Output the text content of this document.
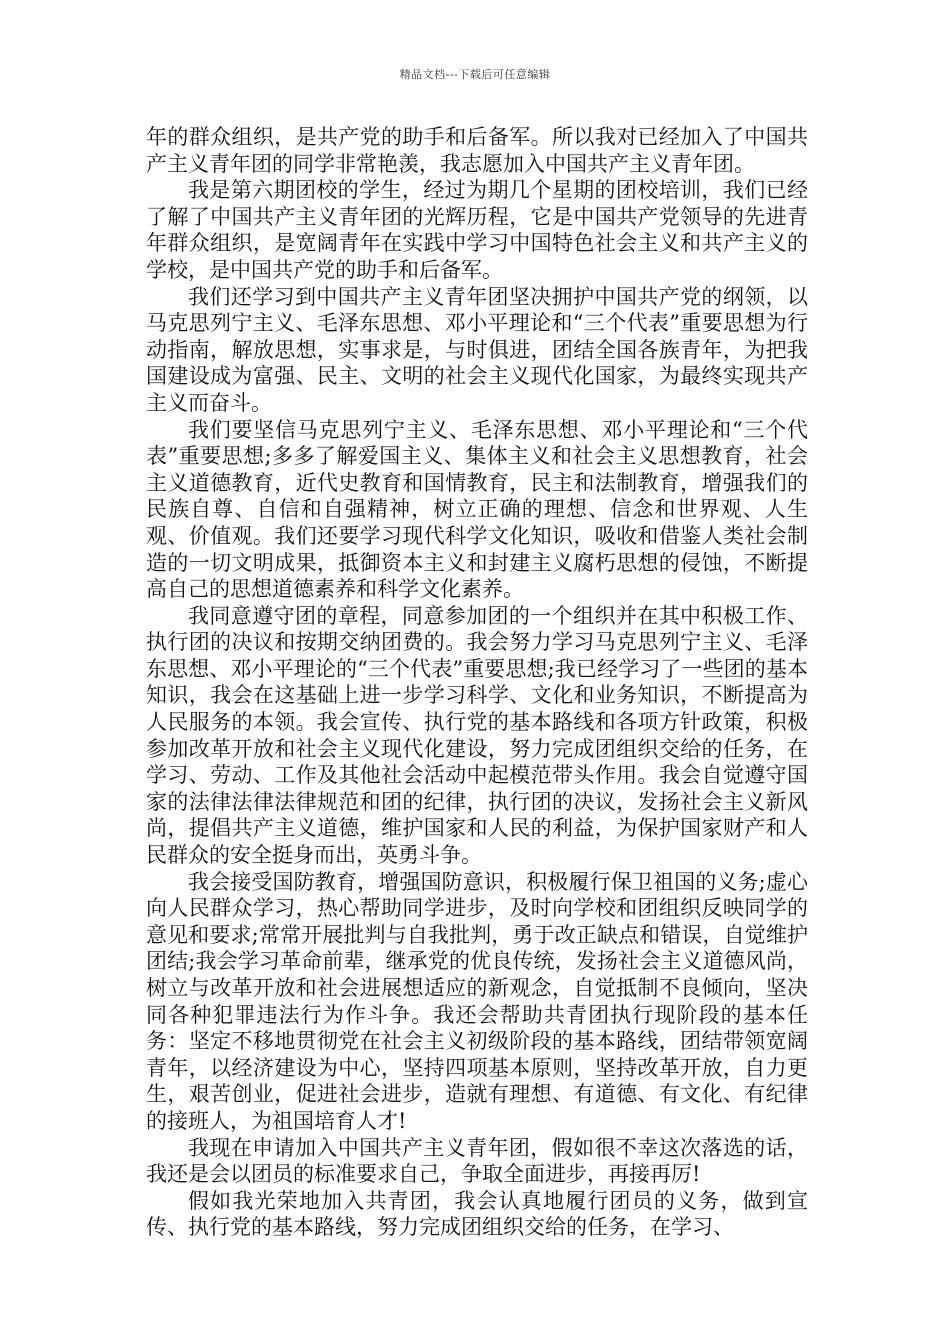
精品文档---下载后可任意编辑

年的群众组织，是共产党的助手和后备军。所以我对已经加入了中国共产主义青年团的同学非常艳羡，我志愿加入中国共产主义青年团。

我是第六期团校的学生，经过为期几个星期的团校培训，我们已经了解了中国共产主义青年团的光辉历程，它是中国共产党领导的先进青年群众组织，是宽阔青年在实践中学习中国特色社会主义和共产主义的学校，是中国共产党的助手和后备军。

我们还学习到中国共产主义青年团坚决拥护中国共产党的纲领，以马克思列宁主义、毛泽东思想、邓小平理论和“三个代表”重要思想为行动指南，解放思想，实事求是，与时俱进，团结全国各族青年，为把我国建设成为富强、民主、文明的社会主义现代化国家，为最终实现共产主义而奋斗。

我们要坚信马克思列宁主义、毛泽东思想、邓小平理论和“三个代表”重要思想;多多了解爱国主义、集体主义和社会主义思想教育，社会主义道德教育，近代史教育和国情教育，民主和法制教育，增强我们的民族自尊、自信和自强精神，树立正确的理想、信念和世界观、人生观、价值观。我们还要学习现代科学文化知识，吸收和借鉴人类社会制造的一切文明成果，抵御资本主义和封建主义腐朽思想的侵蚀，不断提高自己的思想道德素养和科学文化素养。

我同意遵守团的章程，同意参加团的一个组织并在其中积极工作、执行团的决议和按期交纳团费的。我会努力学习马克思列宁主义、毛泽东思想、邓小平理论的“三个代表”重要思想;我已经学习了一些团的基本知识，我会在这基础上进一步学习科学、文化和业务知识，不断提高为人民服务的本领。我会宣传、执行党的基本路线和各项方针政策，积极参加改革开放和社会主义现代化建设，努力完成团组织交给的任务，在学习、劳动、工作及其他社会活动中起模范带头作用。我会自觉遵守国家的法律法律法律规范和团的纪律，执行团的决议，发扬社会主义新风尚，提倡共产主义道德，维护国家和人民的利益，为保护国家财产和人民群众的安全挺身而出，英勇斗争。

我会接受国防教育，增强国防意识，积极履行保卫祖国的义务;虚心向人民群众学习，热心帮助同学进步，及时向学校和团组织反映同学的意见和要求;常常开展批判与自我批判，勇于改正缺点和错误，自觉维护团结;我会学习革命前辈，继承党的优良传统，发扬社会主义道德风尚，树立与改革开放和社会进展想适应的新观念，自觉抵制不良倾向，坚决同各种犯罪违法行为作斗争。我还会帮助共青团执行现阶段的基本任务：坚定不移地贯彻党在社会主义初级阶段的基本路线，团结带领宽阔青年，以经济建设为中心，坚持四项基本原则，坚持改革开放，自力更生，艰苦创业，促进社会进步，造就有理想、有道德、有文化、有纪律的接班人，为祖国培育人才!

我现在申请加入中国共产主义青年团，假如很不幸这次落选的话，我还是会以团员的标准要求自己，争取全面进步，再接再厉!

假如我光荣地加入共青团，我会认真地履行团员的义务，做到宣传、执行党的基本路线，努力完成团组织交给的任务，在学习、
